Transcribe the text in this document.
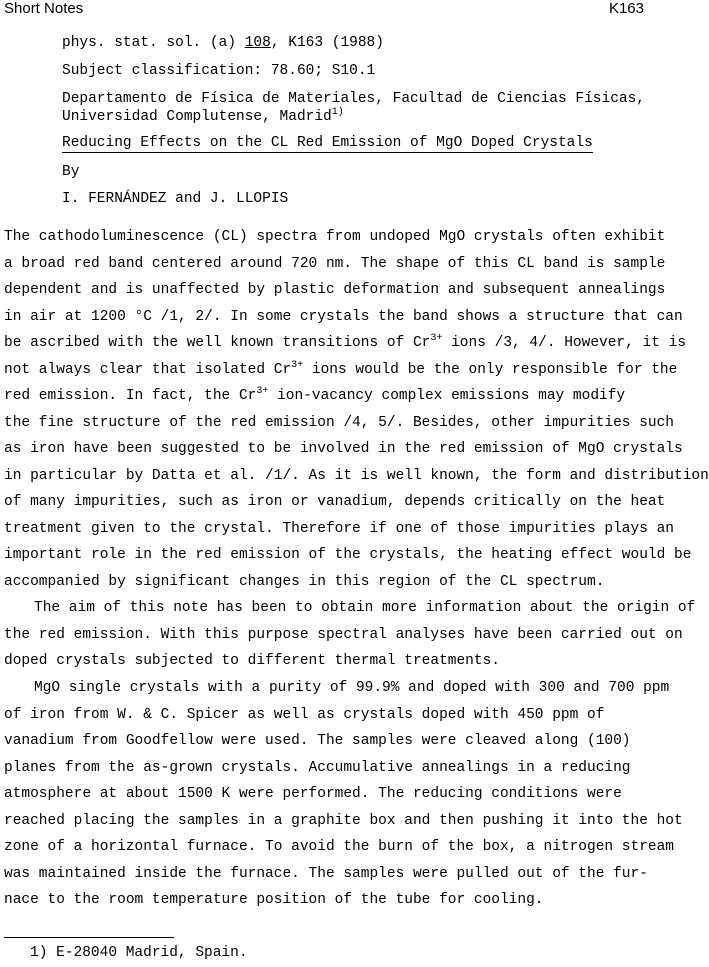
Short Notes	K163
phys. stat. sol. (a) 108, K163 (1988)
Subject classification: 78.60; S10.1
Departamento de Física de Materiales, Facultad de Ciencias Físicas,
Universidad Complutense, Madrid$^{1)}$
Reducing Effects on the CL Red Emission of MgO Doped Crystals
By
I. FERNÁNDEZ and J. LLOPIS
The cathodoluminescence (CL) spectra from undoped MgO crystals often exhibit
a broad red band centered around 720 nm. The shape of this CL band is sample
dependent and is unaffected by plastic deformation and subsequent annealings
in air at 1200 °C /1, 2/. In some crystals the band shows a structure that can
be ascribed with the well known transitions of $Cr^{3+}$ ions /3, 4/. However, it is
not always clear that isolated $Cr^{3+}$ ions would be the only responsible for the
red emission. In fact, the $Cr^{3+}$ ion-vacancy complex emissions may modify
the fine structure of the red emission /4, 5/. Besides, other impurities such
as iron have been suggested to be involved in the red emission of MgO crystals
in particular by Datta et al. /1/. As it is well known, the form and distribution
of many impurities, such as iron or vanadium, depends critically on the heat
treatment given to the crystal. Therefore if one of those impurities plays an
important role in the red emission of the crystals, the heating effect would be
accompanied by significant changes in this region of the CL spectrum.
The aim of this note has been to obtain more information about the origin of
the red emission. With this purpose spectral analyses have been carried out on
doped crystals subjected to different thermal treatments.
MgO single crystals with a purity of 99.9% and doped with 300 and 700 ppm
of iron from W. & C. Spicer as well as crystals doped with 450 ppm of
vanadium from Goodfellow were used. The samples were cleaved along (100)
planes from the as-grown crystals. Accumulative annealings in a reducing
atmosphere at about 1500 K were performed. The reducing conditions were
reached placing the samples in a graphite box and then pushing it into the hot
zone of a horizontal furnace. To avoid the burn of the box, a nitrogen stream
was maintained inside the furnace. The samples were pulled out of the fur-
nace to the room temperature position of the tube for cooling.
1) E-28040 Madrid, Spain.
